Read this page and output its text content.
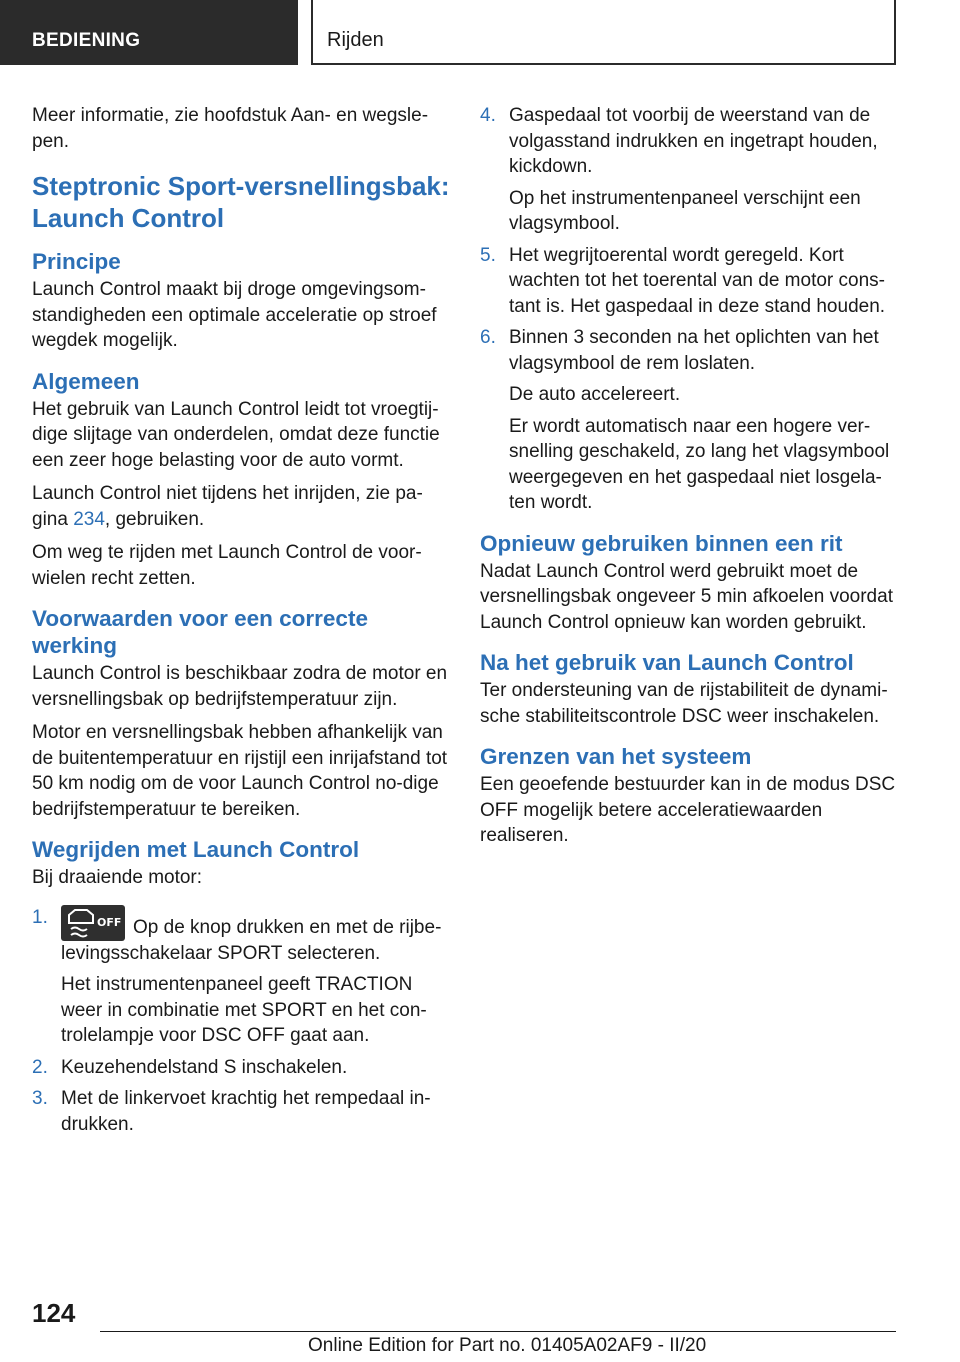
BEDIENING	Rijden

Meer informatie, zie hoofdstuk Aan- en wegsle-pen.

Steptronic Sport-versnellingsbak: Launch Control
Principe

Launch Control maakt bij droge omgevingsom-standigheden een optimale acceleratie op stroef wegdek mogelijk.

Algemeen

Het gebruik van Launch Control leidt tot vroegtij-dige slijtage van onderdelen, omdat deze functie een zeer hoge belasting voor de auto vormt.

Launch Control niet tijdens het inrijden, zie pa-gina 234, gebruiken.

Om weg te rijden met Launch Control de voor-wielen recht zetten.

Voorwaarden voor een correcte werking

Launch Control is beschikbaar zodra de motor en versnellingsbak op bedrijfstemperatuur zijn.

Motor en versnellingsbak hebben afhankelijk van de buitentemperatuur en rijstijl een inrijafstand tot 50 km nodig om de voor Launch Control no-dige bedrijfstemperatuur te bereiken.

Wegrijden met Launch Control

Bij draaiende motor:

1.	OFF Op de knop drukken en met de rijbe-levingsschakelaar SPORT selecteren.

Het instrumentenpaneel geeft TRACTION weer in combinatie met SPORT en het con-trolelampje voor DSC OFF gaat aan.

2. Keuzehendelstand S inschakelen.

3. Met de linkervoet krachtig het rempedaal in-drukken.

4. Gaspedaal tot voorbij de weerstand van de volgasstand indrukken en ingetrapt houden, kickdown.

Op het instrumentenpaneel verschijnt een vlagsymbool.

5. Het wegrijtoerental wordt geregeld. Kort wachten tot het toerental van de motor cons-tant is. Het gaspedaal in deze stand houden.

6. Binnen 3 seconden na het oplichten van het vlagsymbool de rem loslaten.

De auto accelereert.

Er wordt automatisch naar een hogere ver-snelling geschakeld, zo lang het vlagsymbool weergegeven en het gaspedaal niet losgela-ten wordt.

Opnieuw gebruiken binnen een rit

Nadat Launch Control werd gebruikt moet de versnellingsbak ongeveer 5 min afkoelen voordat Launch Control opnieuw kan worden gebruikt.

Na het gebruik van Launch Control

Ter ondersteuning van de rijstabiliteit de dynami-sche stabiliteitscontrole DSC weer inschakelen.

Grenzen van het systeem

Een geoefende bestuurder kan in de modus DSC OFF mogelijk betere acceleratiewaarden realiseren.

124
Online Edition for Part no. 01405A02AF9 - II/20
